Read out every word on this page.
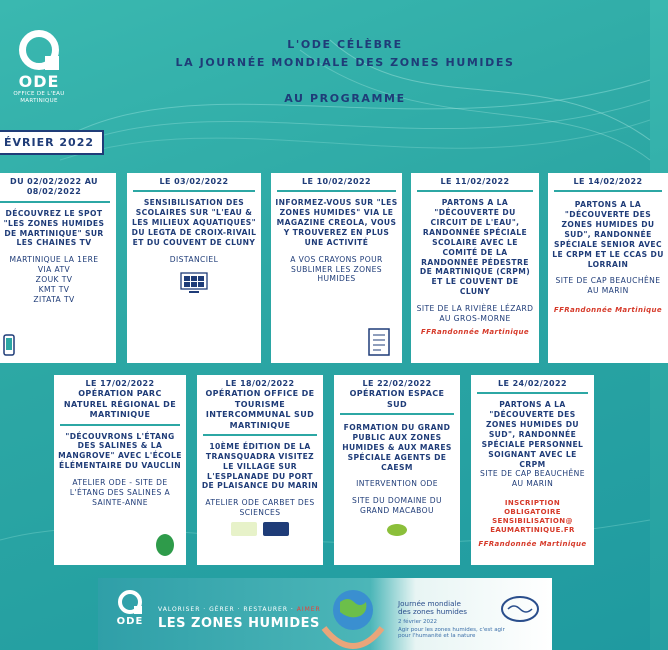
ODE
OFFICE DE L'EAU
MARTINIQUE
L'ODE CÉLÈBRE
LA JOURNÉE MONDIALE DES ZONES HUMIDES
AU PROGRAMME
ÉVRIER 2022
DU 02/02/2022 AU 08/02/2022
DÉCOUVREZ LE SPOT "LES ZONES HUMIDES DE MARTINIQUE" SUR LES CHAINES TV
MARTINIQUE LA 1ERE
VIA ATV
ZOUK TV
KMT TV
ZITATA TV
LE 03/02/2022
SENSIBILISATION DES SCOLAIRES SUR "L'EAU & LES MILIEUX AQUATIQUES" DU LEGTA DE CROIX-RIVAIL ET DU COUVENT DE CLUNY
DISTANCIEL
LE 10/02/2022
INFORMEZ-VOUS SUR "LES ZONES HUMIDES" VIA LE MAGAZINE CREOLA, VOUS Y TROUVEREZ EN PLUS UNE ACTIVITÉ
A VOS CRAYONS POUR SUBLIMER LES ZONES HUMIDES
LE 11/02/2022
PARTONS A LA "DÉCOUVERTE DU CIRCUIT DE L'EAU", RANDONNÉE SPÉCIALE SCOLAIRE AVEC LE COMITÉ DE LA RANDONNÉE PÉDESTRE DE MARTINIQUE (CRPM) ET LE COUVENT DE CLUNY
SITE DE LA RIVIÈRE LÉZARD AU GROS-MORNE
FFRandonnée Martinique
LE 14/02/2022
PARTONS A LA "DÉCOUVERTE DES ZONES HUMIDES DU SUD", RANDONNÉE SPÉCIALE SENIOR AVEC LE CRPM ET LE CCAS DU LORRAIN
SITE DE CAP BEAUCHÊNE AU MARIN
FFRandonnée Martinique
LE 17/02/2022 OPÉRATION PARC NATUREL RÉGIONAL DE MARTINIQUE
"DÉCOUVRONS L'ÉTANG DES SALINES & LA MANGROVE" AVEC L'ÉCOLE ÉLÉMENTAIRE DU VAUCLIN
ATELIER ODE - SITE DE L'ÉTANG DES SALINES A SAINTE-ANNE
LE 18/02/2022 OPÉRATION OFFICE DE TOURISME INTERCOMMUNAL SUD MARTINIQUE
10ÈME ÉDITION DE LA TRANSQUADRA VISITEZ LE VILLAGE SUR L'ESPLANADE DU PORT DE PLAISANCE DU MARIN
ATELIER ODE CARBET DES SCIENCES

LE 22/02/2022 OPÉRATION ESPACE SUD
FORMATION DU GRAND PUBLIC AUX ZONES HUMIDES & AUX MARES SPÉCIALE AGENTS DE CAESM
INTERVENTION ODE
SITE DU DOMAINE DU GRAND MACABOU
LE 24/02/2022
PARTONS A LA "DÉCOUVERTE DES ZONES HUMIDES DU SUD", RANDONNÉE SPÉCIALE PERSONNEL SOIGNANT AVEC LE CRPM
SITE DE CAP BEAUCHÊNE AU MARIN
INSCRIPTION OBLIGATOIRE SENSIBILISATION@ EAUMARTINIQUE.FR
FFRandonnée Martinique
ODE
VALORISER · GÉRER · RESTAURER · AIMER
LES ZONES HUMIDES
Journée mondiale
des zones humides
2 février 2022
Agir pour les zones humides, c'est agir pour l'humanité et la nature
